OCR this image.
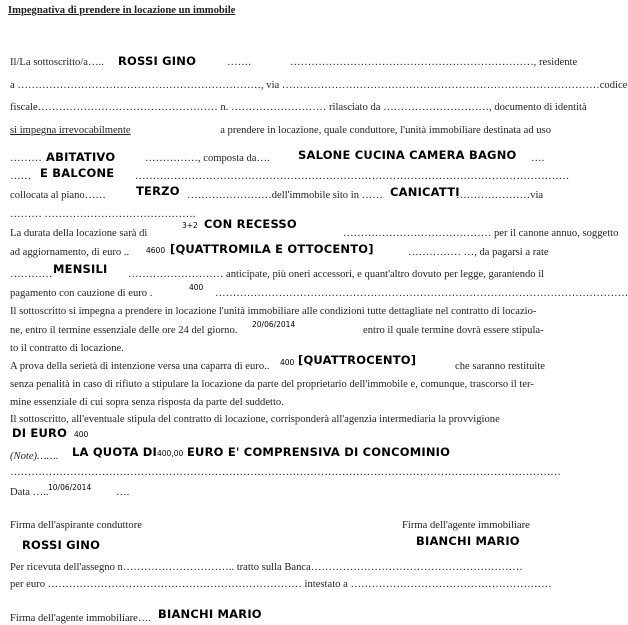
Impegnativa di prendere in locazione un immobile
Il/La sottoscritto/a….. ROSSI GINO	…….	……………………………………………………………, residente
a ……………………………………………………………, via ………………………………………………………………………………codice
fiscale…………………………………………… n. ……………………… rilasciato da …………………………, documento di identità
si impegna irrevocabilmente	a prendere in locazione, quale conduttore, l'unità immobiliare destinata ad uso
……… ABITATIVO	……………, composta da…. SALONE CUCINA CAMERA BAGNO ….
…… E BALCONE ……………………………………………………………………………………………………………
collocata al piano……	TERZO ……………………dell'immobile sito in …… CANICATTI
…………………via
……… …………………………………….
La durata della locazione sarà di
3+2 CON RECESSO
…………………………………… per il canone annuo, soggetto
ad aggiornamento, di euro .. 4600 [QUATTROMILA E OTTOCENTO]	…………… …, da pagarsi a rate
………… MENSILI ……………………… anticipate, più oneri accessori, e quant'altro dovuto per legge, garantendo il
pagamento con cauzione di euro .
400
………………………………………………………………………………………………………
Il sottoscritto si impegna a prendere in locazione l'unità immobiliare alle condizioni tutte dettagliate nel contratto di locazio-
ne, entro il termine essenziale delle ore 24 del giorno.
20/06/2014
entro il quale termine dovrà essere stipula-
to il contratto di locazione.
A prova della serietà di intenzione versa una caparra di euro.. 400 [QUATTROCENTO]	che saranno restituite
senza penalità in caso di rifiuto a stipulare la locazione da parte del proprietario dell'immobile e, comunque, trascorso il ter-
mine essenziale di cui sopra senza risposta da parte del suddetto.
Il sottoscritto, all'eventuale stipula del contratto di locazione, corrisponderà all'agenzia intermediaria la provvigione
DI EURO 400
(Note)……. LA QUOTA DI 400,00 EURO E' COMPRENSIVA DI CONCOMINIO
…………………………………………………………………………………………………………………………………………
Data ….. 10/06/2014 ….
Firma dell'aspirante conduttore	Firma dell'agente immobiliare
ROSSI GINO	BIANCHI MARIO
Per ricevuta dell'assegno n………………………….. tratto sulla Banca……………………………………………………
per euro ……………………………………………………………… intestato a …………………………………………………
Firma dell'agente immobiliare…. BIANCHI MARIO
